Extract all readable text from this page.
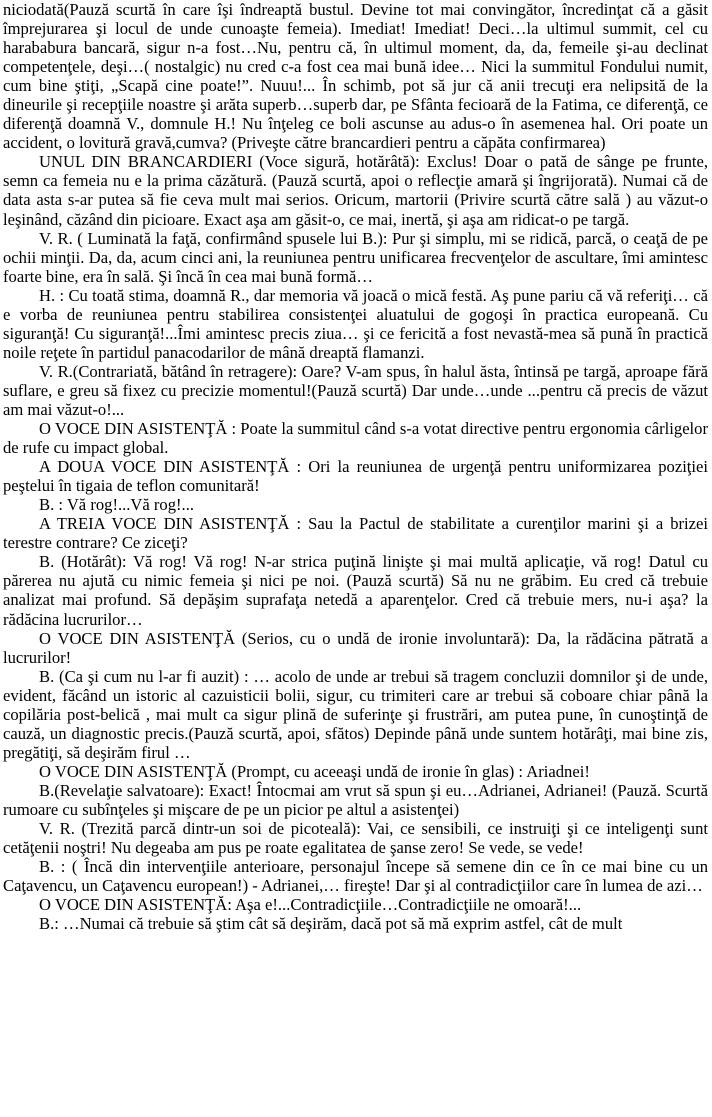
niciodată(Pauză scurtă în care îşi îndreaptă bustul. Devine tot mai convingător, încredinţat că a găsit împrejurarea şi locul de unde cunoaşte femeia). Imediat! Imediat! Deci…la ultimul summit, cel cu harababura bancară, sigur n-a fost…Nu, pentru că, în ultimul moment, da, da, femeile şi-au declinat competenţele, deşi…( nostalgic) nu cred c-a fost cea mai bună idee… Nici la summitul Fondului numit, cum bine ştiţi, „Scapă cine poate!”. Nuuu!... În schimb, pot să jur că anii trecuţi era nelipsită de la dineurile şi recepţiile noastre şi arăta superb…superb dar, pe Sfânta fecioară de la Fatima, ce diferenţă, ce diferenţă doamnă V., domnule H.! Nu înţeleg ce boli ascunse au adus-o în asemenea hal. Ori poate un accident, o lovitură gravă,cumva? (Priveşte către brancardieri pentru a căpăta confirmarea)

UNUL DIN BRANCARDIERI (Voce sigură, hotărâtă): Exclus! Doar o pată de sânge pe frunte, semn ca femeia nu e la prima căzătură. (Pauză scurtă, apoi o reflecţie amară şi îngrijorată). Numai că de data asta s-ar putea să fie ceva mult mai serios. Oricum, martorii (Privire scurtă către sală ) au văzut-o leşinând, căzând din picioare. Exact aşa am găsit-o, ce mai, inertă, şi aşa am ridicat-o pe targă.

V. R. ( Luminată la faţă, confirmând spusele lui B.): Pur şi simplu, mi se ridică, parcă, o ceaţă de pe ochii minţii. Da, da, acum cinci ani, la reuniunea pentru unificarea frecvenţelor de ascultare, îmi amintesc foarte bine, era în sală. Şi încă în cea mai bună formă…

H. : Cu toată stima, doamnă R., dar memoria vă joacă o mică festă. Aş pune pariu că vă referiţi… că e vorba de reuniunea pentru stabilirea consistenţei aluatului de gogoşi în practica europeană. Cu siguranţă! Cu siguranţă!...Îmi amintesc precis ziua… şi ce fericită a fost nevastă-mea să pună în practică noile reţete în partidul panacodarilor de mână dreaptă flamanzi.

V. R.(Contrariată, bătând în retragere): Oare? V-am spus, în halul ăsta, întinsă pe targă, aproape fără suflare, e greu să fixez cu precizie momentul!(Pauză scurtă) Dar unde…unde ...pentru că precis de văzut am mai văzut-o!...

O VOCE DIN ASISTENŢĂ : Poate la summitul când s-a votat directive pentru ergonomia cârligelor de rufe cu impact global.

A DOUA VOCE DIN ASISTENŢĂ : Ori la reuniunea de urgenţă pentru uniformizarea poziţiei peştelui în tigaia de teflon comunitară!

B. : Vă rog!...Vă rog!...

A TREIA VOCE DIN ASISTENŢĂ : Sau la Pactul de stabilitate a curenţilor marini şi a brizei terestre contrare? Ce ziceţi?

B. (Hotărât): Vă rog! Vă rog! N-ar strica puţină linişte şi mai multă aplicaţie, vă rog! Datul cu părerea nu ajută cu nimic femeia şi nici pe noi. (Pauză scurtă) Să nu ne grăbim. Eu cred că trebuie analizat mai profund. Să depăşim suprafaţa netedă a aparenţelor. Cred că trebuie mers, nu-i aşa? la rădăcina lucrurilor…

O VOCE DIN ASISTENŢĂ (Serios, cu o undă de ironie involuntară): Da, la rădăcina pătrată a lucrurilor!

B. (Ca şi cum nu l-ar fi auzit) : … acolo de unde ar trebui să tragem concluzii domnilor şi de unde, evident, făcând un istoric al cazuisticii bolii, sigur, cu trimiteri care ar trebui să coboare chiar până la copilăria post-belică , mai mult ca sigur plină de suferinţe şi frustrări, am putea pune, în cunoştinţă de cauză, un diagnostic precis.(Pauză scurtă, apoi, sfătos) Depinde până unde suntem hotărâţi, mai bine zis, pregătiţi, să deşirăm firul …

O VOCE DIN ASISTENŢĂ (Prompt, cu aceeaşi undă de ironie în glas) : Ariadnei!

B.(Revelaţie salvatoare): Exact! Întocmai am vrut să spun şi eu…Adrianei, Adrianei! (Pauză. Scurtă rumoare cu subînţeles şi mişcare de pe un picior pe altul a asistenţei)

V. R. (Trezită parcă dintr-un soi de picoteală): Vai, ce sensibili, ce instruiţi şi ce inteligenţi sunt cetăţenii noştri! Nu degeaba am pus pe roate egalitatea de şanse zero! Se vede, se vede!

B. : ( Încă din intervenţiile anterioare, personajul începe să semene din ce în ce mai bine cu un Caţavencu, un Caţavencu european!) - Adrianei,… fireşte! Dar şi al contradicţiilor care în lumea de azi…

O VOCE DIN ASISTENŢĂ: Aşa e!...Contradicţiile…Contradicţiile ne omoară!...

B.: …Numai că trebuie să ştim cât să deşirăm, dacă pot să mă exprim astfel, cât de mult
